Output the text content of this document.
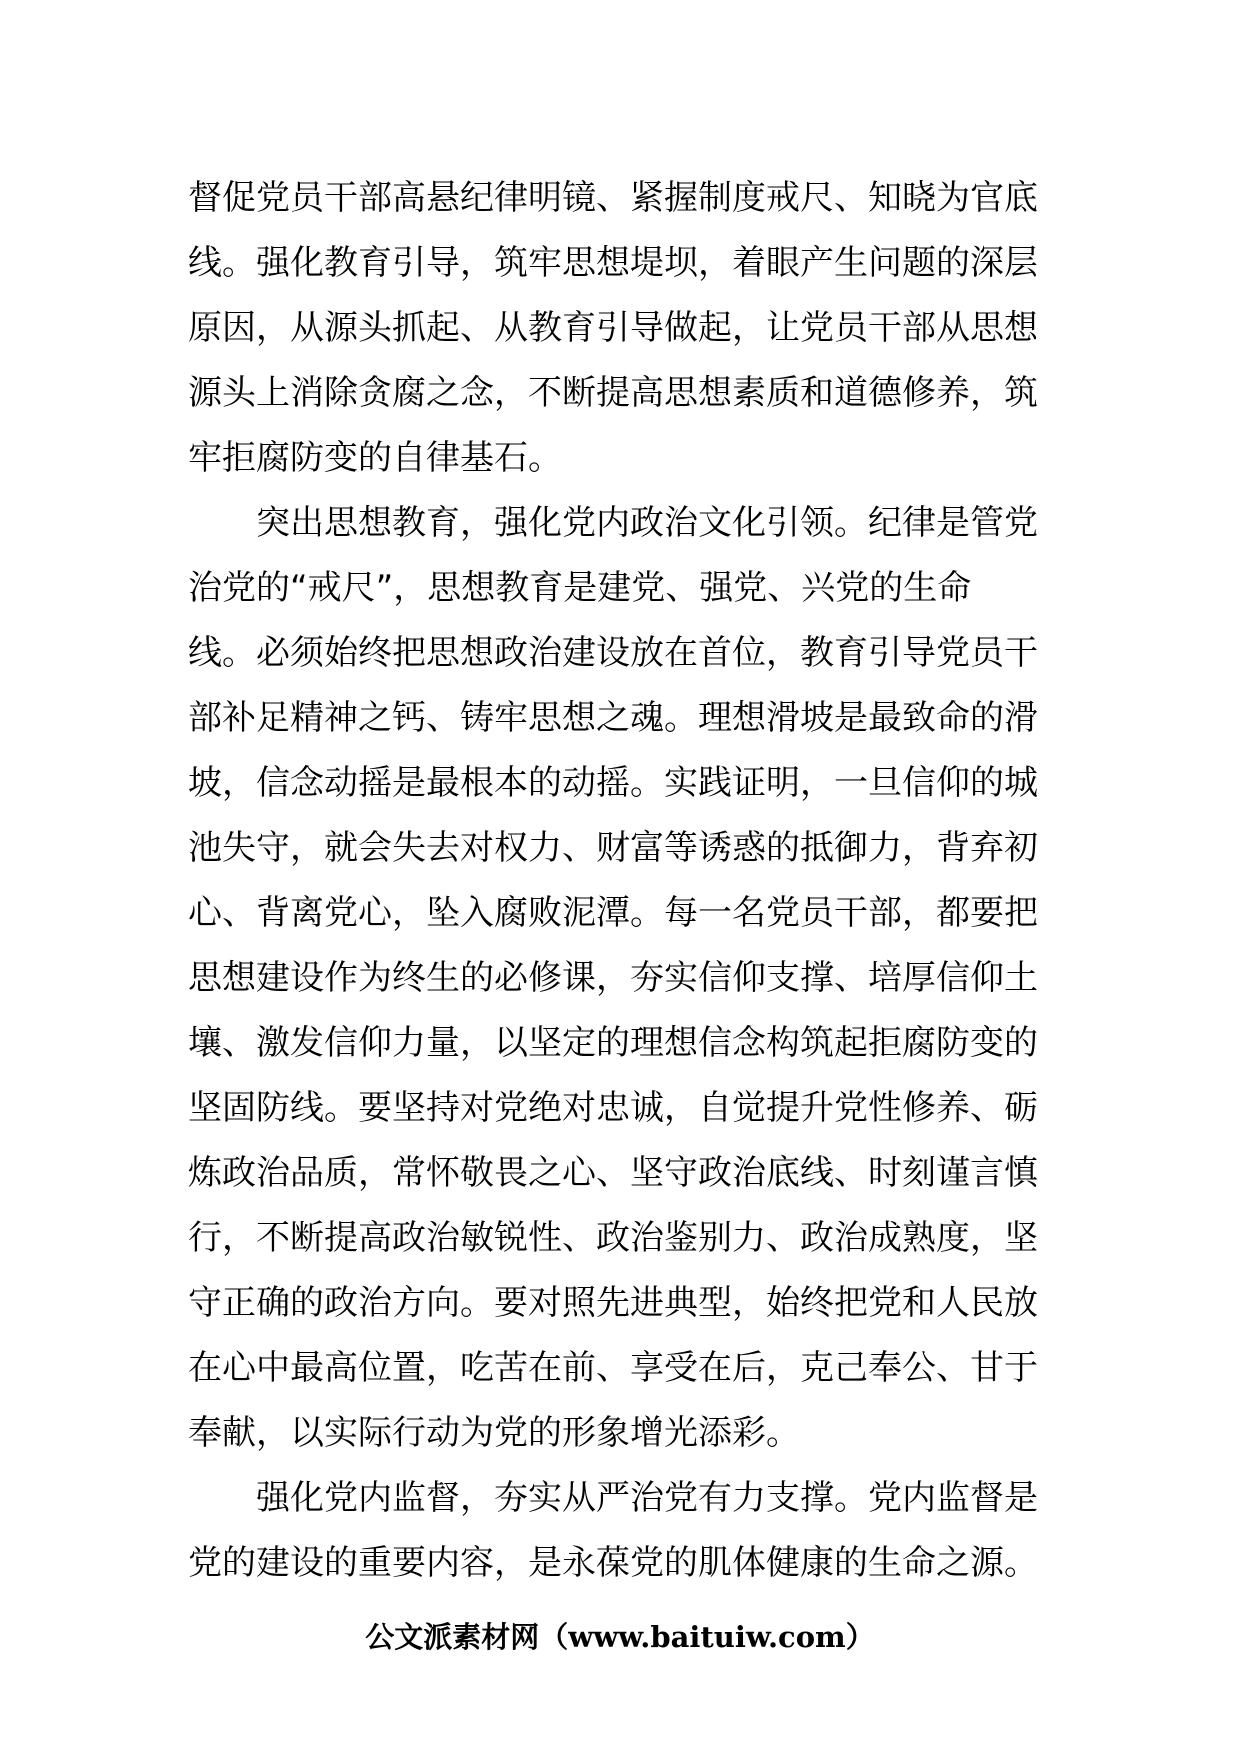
督促党员干部高悬纪律明镜、紧握制度戒尺、知晓为官底
线。强化教育引导，筑牢思想堤坝，着眼产生问题的深层
原因，从源头抓起、从教育引导做起，让党员干部从思想
源头上消除贪腐之念，不断提高思想素质和道德修养，筑
牢拒腐防变的自律基石。
　　突出思想教育，强化党内政治文化引领。纪律是管党
治党的“戒尺”，思想教育是建党、强党、兴党的生命
线。必须始终把思想政治建设放在首位，教育引导党员干
部补足精神之钙、铸牢思想之魂。理想滑坡是最致命的滑
坡，信念动摇是最根本的动摇。实践证明，一旦信仰的城
池失守，就会失去对权力、财富等诱惑的抵御力，背弃初
心、背离党心，坠入腐败泥潭。每一名党员干部，都要把
思想建设作为终生的必修课，夯实信仰支撑、培厚信仰土
壤、激发信仰力量，以坚定的理想信念构筑起拒腐防变的
坚固防线。要坚持对党绝对忠诚，自觉提升党性修养、砺
炼政治品质，常怀敬畏之心、坚守政治底线、时刻谨言慎
行，不断提高政治敏锐性、政治鉴别力、政治成熟度，坚
守正确的政治方向。要对照先进典型，始终把党和人民放
在心中最高位置，吃苦在前、享受在后，克己奉公、甘于
奉献，以实际行动为党的形象增光添彩。
　　强化党内监督，夯实从严治党有力支撑。党内监督是
党的建设的重要内容，是永葆党的肌体健康的生命之源。
公文派素材网（www.baituiw.com）
